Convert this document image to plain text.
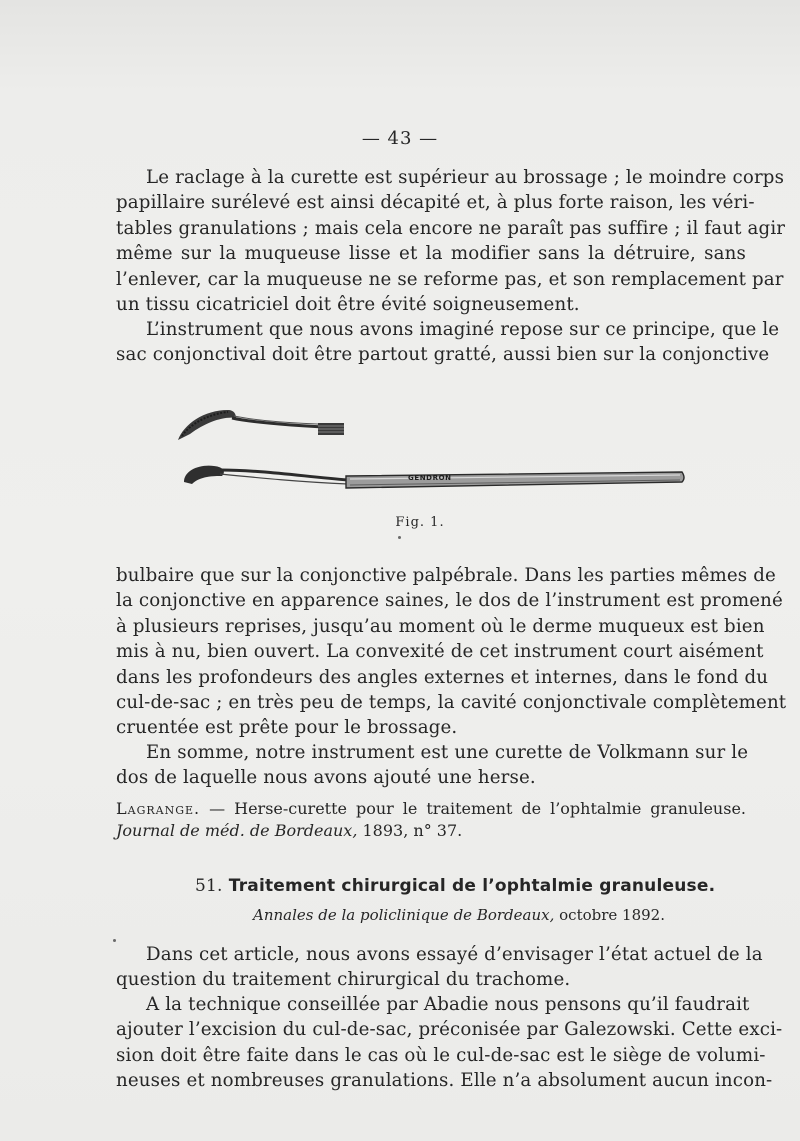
— 43 —

Le raclage à la curette est supérieur au brossage ; le moindre corps
papillaire surélevé est ainsi décapité et, à plus forte raison, les véri-
tables granulations ; mais cela encore ne paraît pas suffire ; il faut agir
même sur la muqueuse lisse et la modifier sans la détruire, sans
l’enlever, car la muqueuse ne se reforme pas, et son remplacement par
un tissu cicatriciel doit être évité soigneusement.

L’instrument que nous avons imaginé repose sur ce principe, que le
sac conjonctival doit être partout gratté, aussi bien sur la conjonctive

GENDRON
Fig. 1.

bulbaire que sur la conjonctive palpébrale. Dans les parties mêmes de
la conjonctive en apparence saines, le dos de l’instrument est promené
à plusieurs reprises, jusqu’au moment où le derme muqueux est bien
mis à nu, bien ouvert. La convexité de cet instrument court aisément
dans les profondeurs des angles externes et internes, dans le fond du
cul-de-sac ; en très peu de temps, la cavité conjonctivale complètement
cruentée est prête pour le brossage.

En somme, notre instrument est une curette de Volkmann sur le
dos de laquelle nous avons ajouté une herse.

Lagrange. — Herse-curette pour le traitement de l’ophtalmie granuleuse.
Journal de méd. de Bordeaux, 1893, n° 37.
51. Traitement chirurgical de l’ophtalmie granuleuse.
Annales de la policlinique de Bordeaux, octobre 1892.

Dans cet article, nous avons essayé d’envisager l’état actuel de la
question du traitement chirurgical du trachome.

A la technique conseillée par Abadie nous pensons qu’il faudrait
ajouter l’excision du cul-de-sac, préconisée par Galezowski. Cette exci-
sion doit être faite dans le cas où le cul-de-sac est le siège de volumi-
neuses et nombreuses granulations. Elle n’a absolument aucun incon-
